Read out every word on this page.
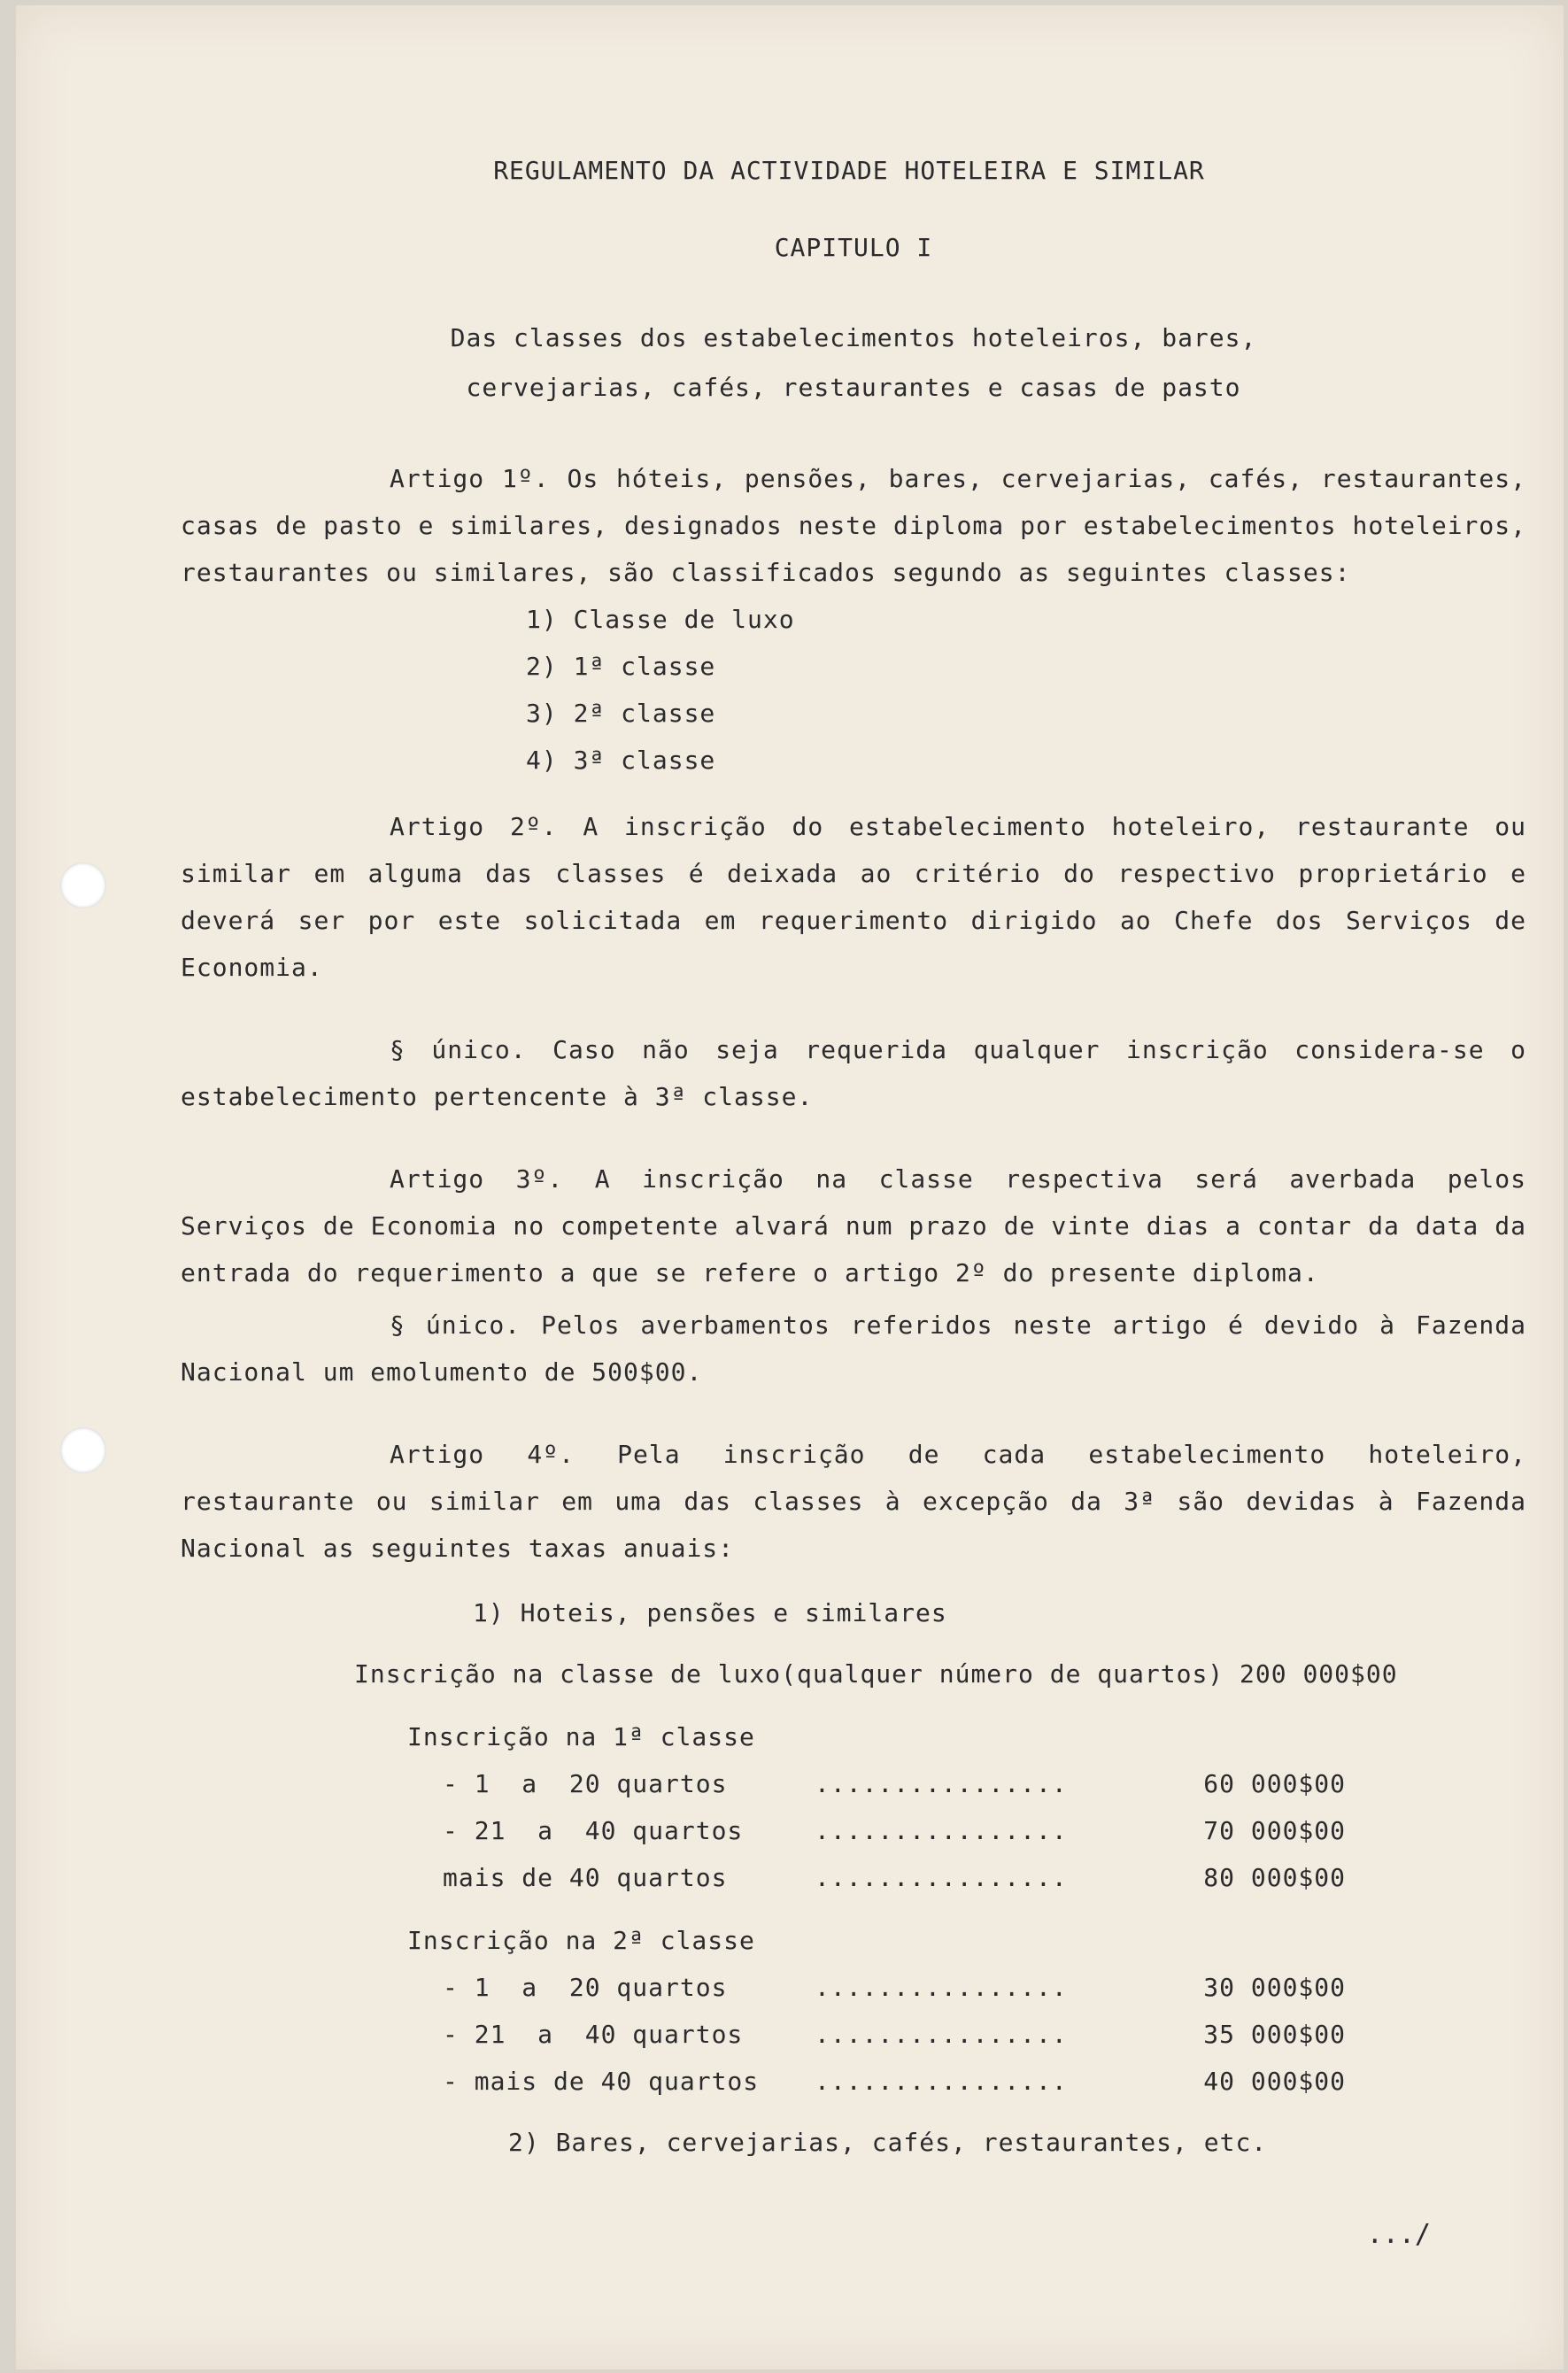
REGULAMENTO DA ACTIVIDADE HOTELEIRA E SIMILAR
CAPITULO I
Das classes dos estabelecimentos hoteleiros, bares,
cervejarias, cafés, restaurantes e casas de pasto

Artigo 1º. Os hóteis, pensões, bares, cervejarias, cafés, restaurantes, casas de pasto e similares, designados neste diploma por estabelecimentos hoteleiros, restaurantes ou similares, são classificados segundo as seguintes classes:

1) Classe de luxo
2) 1ª classe
3) 2ª classe
4) 3ª classe

Artigo 2º. A inscrição do estabelecimento hoteleiro, restaurante ou similar em alguma das classes é deixada ao critério do respectivo proprietário e deverá ser por este solicitada em requerimento dirigido ao Chefe dos Serviços de Economia.

§ único. Caso não seja requerida qualquer inscrição considera-se o estabelecimento pertencente à 3ª classe.

Artigo 3º. A inscrição na classe respectiva será averbada pelos Serviços de Economia no competente alvará num prazo de vinte dias a contar da data da entrada do requerimento a que se refere o artigo 2º do presente diploma.

§ único. Pelos averbamentos referidos neste artigo é devido à Fazenda Nacional um emolumento de 500$00.

Artigo 4º. Pela inscrição de cada estabelecimento hoteleiro, restaurante ou similar em uma das classes à excepção da 3ª são devidas à Fazenda Nacional as seguintes taxas anuais:

1) Hoteis, pensões e similares
Inscrição na classe de luxo(qualquer número de quartos) 200 000$00
Inscrição na 1ª classe
- 1  a  20 quartos	................	60 000$00
- 21  a  40 quartos	................	70 000$00
mais de 40 quartos	................	80 000$00
Inscrição na 2ª classe
- 1  a  20 quartos	................	30 000$00
- 21  a  40 quartos	................	35 000$00
- mais de 40 quartos	................	40 000$00
2) Bares, cervejarias, cafés, restaurantes, etc.
.../
